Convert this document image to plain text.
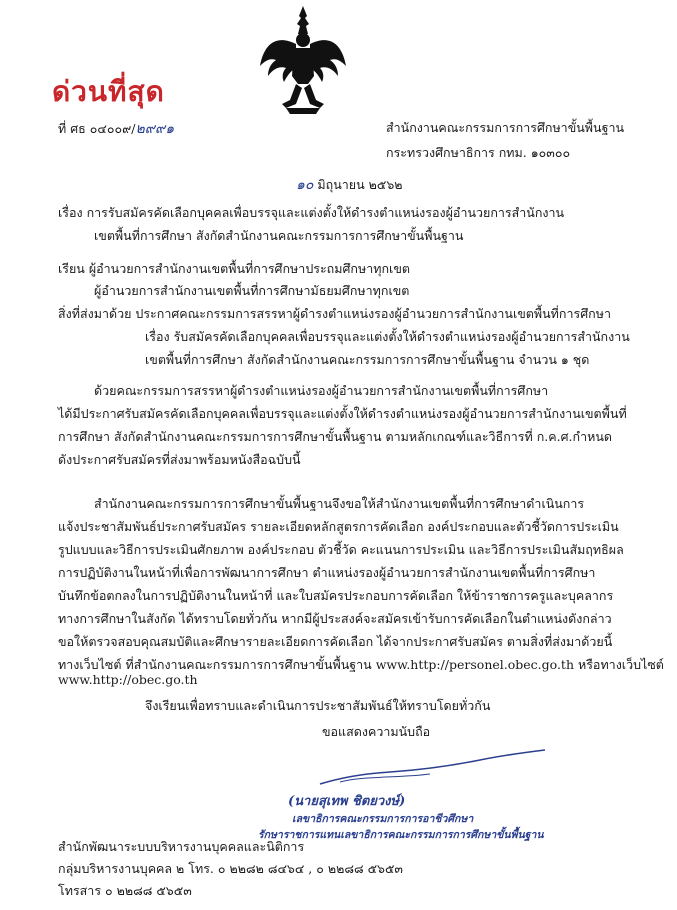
ด่วนที่สุด
ที่ ศธ ๐๔๐๐๙/๒๙๙๑	สำนักงานคณะกรรมการการศึกษาขั้นพื้นฐาน
กระทรวงศึกษาธิการ กทม. ๑๐๓๐๐
๑๐ มิถุนายน ๒๕๖๒
เรื่อง การรับสมัครคัดเลือกบุคคลเพื่อบรรจุและแต่งตั้งให้ดำรงตำแหน่งรองผู้อำนวยการสำนักงาน
เขตพื้นที่การศึกษา สังกัดสำนักงานคณะกรรมการการศึกษาขั้นพื้นฐาน
เรียน ผู้อำนวยการสำนักงานเขตพื้นที่การศึกษาประถมศึกษาทุกเขต
ผู้อำนวยการสำนักงานเขตพื้นที่การศึกษามัธยมศึกษาทุกเขต
สิ่งที่ส่งมาด้วย ประกาศคณะกรรมการสรรหาผู้ดำรงตำแหน่งรองผู้อำนวยการสำนักงานเขตพื้นที่การศึกษา
เรื่อง รับสมัครคัดเลือกบุคคลเพื่อบรรจุและแต่งตั้งให้ดำรงตำแหน่งรองผู้อำนวยการสำนักงาน
เขตพื้นที่การศึกษา สังกัดสำนักงานคณะกรรมการการศึกษาขั้นพื้นฐาน จำนวน ๑ ชุด
ด้วยคณะกรรมการสรรหาผู้ดำรงตำแหน่งรองผู้อำนวยการสำนักงานเขตพื้นที่การศึกษา
ได้มีประกาศรับสมัครคัดเลือกบุคคลเพื่อบรรจุและแต่งตั้งให้ดำรงตำแหน่งรองผู้อำนวยการสำนักงานเขตพื้นที่
การศึกษา สังกัดสำนักงานคณะกรรมการการศึกษาขั้นพื้นฐาน ตามหลักเกณฑ์และวิธีการที่ ก.ค.ศ.กำหนด
ดังประกาศรับสมัครที่ส่งมาพร้อมหนังสือฉบับนี้
สำนักงานคณะกรรมการการศึกษาขั้นพื้นฐานจึงขอให้สำนักงานเขตพื้นที่การศึกษาดำเนินการ
แจ้งประชาสัมพันธ์ประกาศรับสมัคร รายละเอียดหลักสูตรการคัดเลือก องค์ประกอบและตัวชี้วัดการประเมิน
รูปแบบและวิธีการประเมินศักยภาพ องค์ประกอบ ตัวชี้วัด คะแนนการประเมิน และวิธีการประเมินสัมฤทธิผล
การปฏิบัติงานในหน้าที่เพื่อการพัฒนาการศึกษา ตำแหน่งรองผู้อำนวยการสำนักงานเขตพื้นที่การศึกษา
บันทึกข้อตกลงในการปฏิบัติงานในหน้าที่ และใบสมัครประกอบการคัดเลือก ให้ข้าราชการครูและบุคลากร
ทางการศึกษาในสังกัด ได้ทราบโดยทั่วกัน หากมีผู้ประสงค์จะสมัครเข้ารับการคัดเลือกในตำแหน่งดังกล่าว
ขอให้ตรวจสอบคุณสมบัติและศึกษารายละเอียดการคัดเลือก ได้จากประกาศรับสมัคร ตามสิ่งที่ส่งมาด้วยนี้
ทางเว็บไซต์ ที่สำนักงานคณะกรรมการการศึกษาขั้นพื้นฐาน www.http://personel.obec.go.th หรือทางเว็บไซต์
www.http://obec.go.th
จึงเรียนเพื่อทราบและดำเนินการประชาสัมพันธ์ให้ทราบโดยทั่วกัน
ขอแสดงความนับถือ
(นายสุเทพ ชิตยวงษ์)
เลขาธิการคณะกรรมการการอาชีวศึกษา
รักษาราชการแทนเลขาธิการคณะกรรมการการศึกษาขั้นพื้นฐาน
สำนักพัฒนาระบบบริหารงานบุคคลและนิติการ
กลุ่มบริหารงานบุคคล ๒ โทร. ๐ ๒๒๘๒ ๘๔๖๔ , ๐ ๒๒๘๘ ๕๖๕๓
โทรสาร ๐ ๒๒๘๘ ๕๖๕๓
